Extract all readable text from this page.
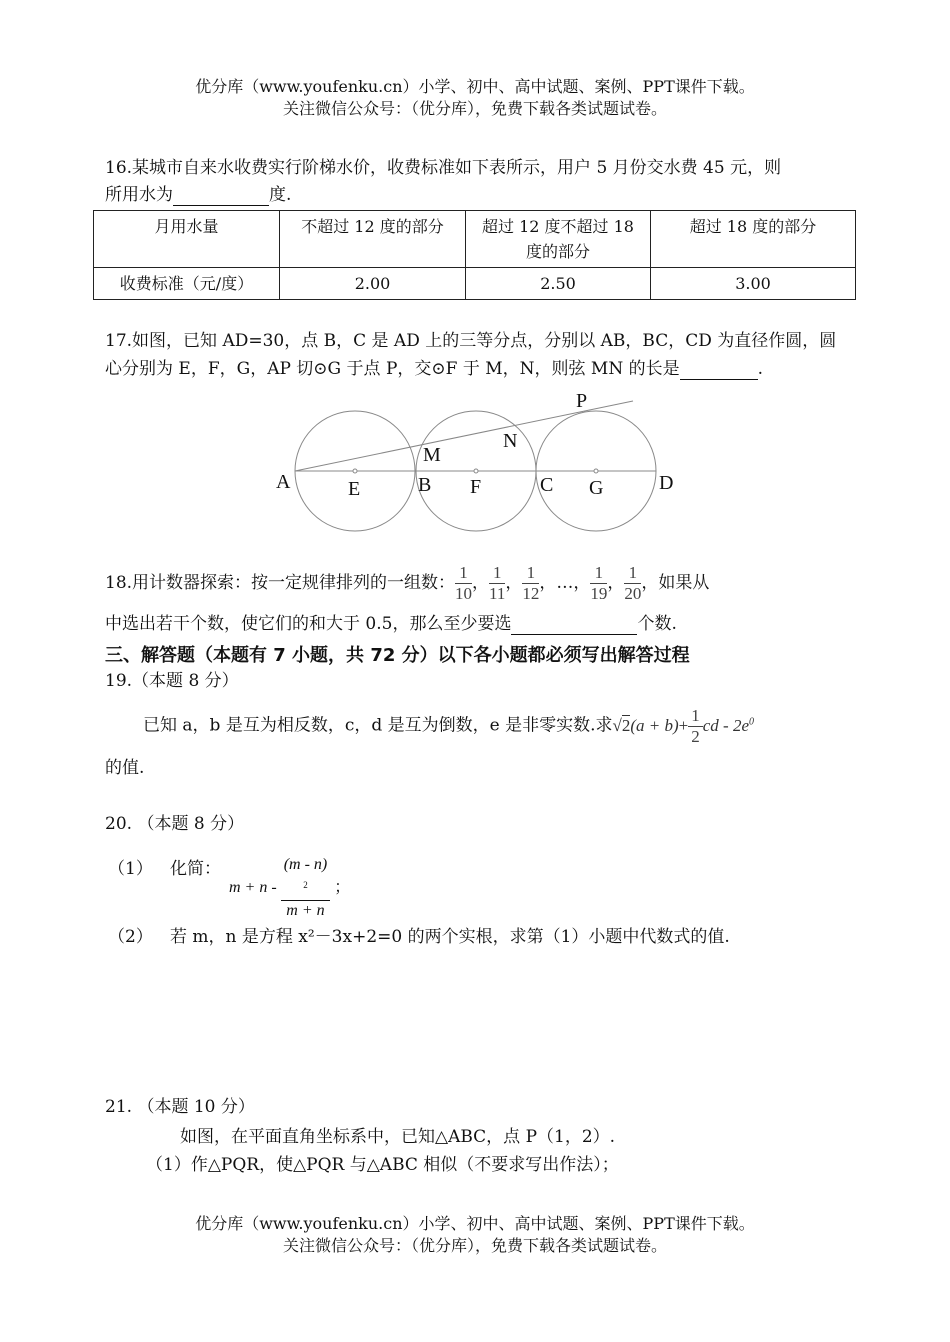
优分库（www.youfenku.cn）小学、初中、高中试题、案例、PPT课件下载。
关注微信公众号：（优分库），免费下载各类试题试卷。
16.某城市自来水收费实行阶梯水价，收费标准如下表所示，用户 5 月份交水费 45 元，则
所用水为	度.
月用水量	不超过 12 度的部分	超过 12 度不超过 18 度的部分	超过 18 度的部分
收费标准（元/度）	2.00	2.50	3.00
17.如图，已知 AD=30，点 B，C 是 AD 上的三等分点，分别以 AB，BC，CD 为直径作圆，圆
心分别为 E，F，G，AP 切⊙G 于点 P，交⊙F 于 M，N，则弦 MN 的长是	.
A	E	B F	C G	D
M
N
P
18.用计数器探索：按一定规律排列的一组数： $\frac{1}{10}$ ， $\frac{1}{11}$ ， $\frac{1}{12}$ ，…， $\frac{1}{19}$ ， $\frac{1}{20}$ ，如果从
中选出若干个数，使它们的和大于 0.5，那么至少要选	个数.
三、解答题（本题有 7 小题，共 72 分）以下各小题都必须写出解答过程
19.（本题 8 分）
已知 a，b 是互为相反数，c，d 是互为倒数，e 是非零实数.求$√2(a + b)+ \frac{1}{2}$ cd - $2e^0$
的值.
20. （本题 8 分）
（1） 化简：
m + n - (m - n)
$^2$
m + n ；
（2） 若 m，n 是方程 x²－3x+2=0 的两个实根，求第（1）小题中代数式的值.
21. （本题 10 分）
如图，在平面直角坐标系中，已知△ABC，点 P（1，2）.
（1）作△PQR，使△PQR 与△ABC 相似（不要求写出作法）；
优分库（www.youfenku.cn）小学、初中、高中试题、案例、PPT课件下载。
关注微信公众号：（优分库），免费下载各类试题试卷。
